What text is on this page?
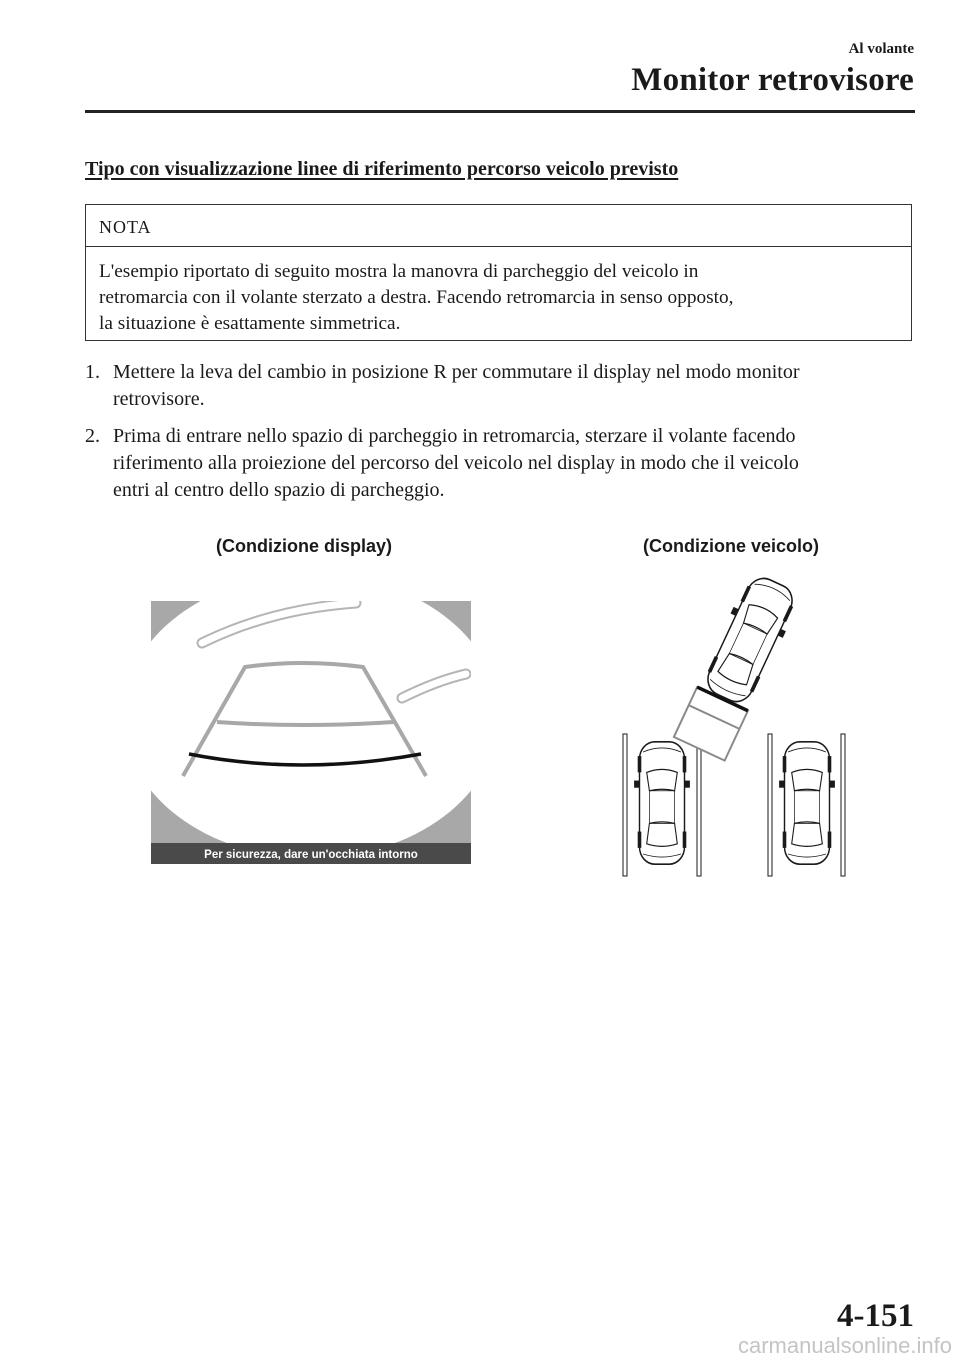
Al volante
Monitor retrovisore
Tipo con visualizzazione linee di riferimento percorso veicolo previsto
NOTA
L'esempio riportato di seguito mostra la manovra di parcheggio del veicolo in
retromarcia con il volante sterzato a destra. Facendo retromarcia in senso opposto,
la situazione è esattamente simmetrica.
1. Mettere la leva del cambio in posizione R per commutare il display nel modo monitor
retrovisore.
2. Prima di entrare nello spazio di parcheggio in retromarcia, sterzare il volante facendo
riferimento alla proiezione del percorso del veicolo nel display in modo che il veicolo
entri al centro dello spazio di parcheggio.
(Condizione display)	(Condizione veicolo)
Per sicurezza, dare un'occhiata intorno
4-151
carmanualsonline.info
